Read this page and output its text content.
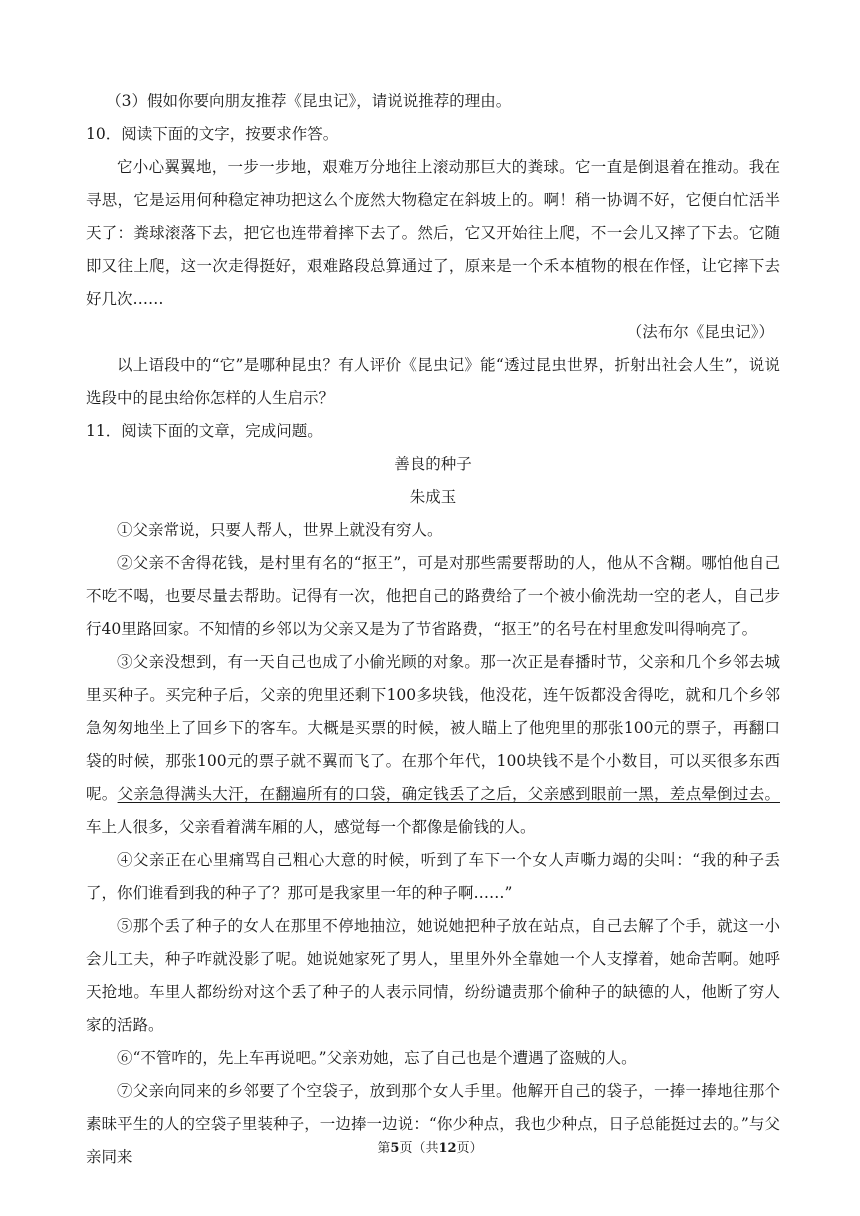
（3）假如你要向朋友推荐《昆虫记》，请说说推荐的理由。

10．阅读下面的文字，按要求作答。

它小心翼翼地，一步一步地，艰难万分地往上滚动那巨大的粪球。它一直是倒退着在推动。我在寻思，它是运用何种稳定神功把这么个庞然大物稳定在斜坡上的。啊！稍一协调不好，它便白忙活半天了：粪球滚落下去，把它也连带着摔下去了。然后，它又开始往上爬，不一会儿又摔了下去。它随即又往上爬，这一次走得挺好，艰难路段总算通过了，原来是一个禾本植物的根在作怪，让它摔下去好几次……

（法布尔《昆虫记》）

以上语段中的“它”是哪种昆虫？有人评价《昆虫记》能“透过昆虫世界，折射出社会人生”，说说选段中的昆虫给你怎样的人生启示？

11．阅读下面的文章，完成问题。

善良的种子

朱成玉

①父亲常说，只要人帮人，世界上就没有穷人。

②父亲不舍得花钱，是村里有名的“抠王”，可是对那些需要帮助的人，他从不含糊。哪怕他自己不吃不喝，也要尽量去帮助。记得有一次，他把自己的路费给了一个被小偷洗劫一空的老人，自己步行40里路回家。不知情的乡邻以为父亲又是为了节省路费，“抠王”的名号在村里愈发叫得响亮了。

③父亲没想到，有一天自己也成了小偷光顾的对象。那一次正是春播时节，父亲和几个乡邻去城里买种子。买完种子后，父亲的兜里还剩下100多块钱，他没花，连午饭都没舍得吃，就和几个乡邻急匆匆地坐上了回乡下的客车。大概是买票的时候，被人瞄上了他兜里的那张100元的票子，再翻口袋的时候，那张100元的票子就不翼而飞了。在那个年代，100块钱不是个小数目，可以买很多东西呢。父亲急得满头大汗，在翻遍所有的口袋，确定钱丢了之后，父亲感到眼前一黑，差点晕倒过去。车上人很多，父亲看着满车厢的人，感觉每一个都像是偷钱的人。

④父亲正在心里痛骂自己粗心大意的时候，听到了车下一个女人声嘶力竭的尖叫：“我的种子丢了，你们谁看到我的种子了？那可是我家里一年的种子啊……”

⑤那个丢了种子的女人在那里不停地抽泣，她说她把种子放在站点，自己去解了个手，就这一小会儿工夫，种子咋就没影了呢。她说她家死了男人，里里外外全靠她一个人支撑着，她命苦啊。她呼天抢地。车里人都纷纷对这个丢了种子的人表示同情，纷纷谴责那个偷种子的缺德的人，他断了穷人家的活路。

⑥“不管咋的，先上车再说吧。”父亲劝她，忘了自己也是个遭遇了盗贼的人。

⑦父亲向同来的乡邻要了个空袋子，放到那个女人手里。他解开自己的袋子，一捧一捧地往那个素昧平生的人的空袋子里装种子，一边捧一边说：“你少种点，我也少种点，日子总能挺过去的。”与父亲同来	第5页（共12页）
